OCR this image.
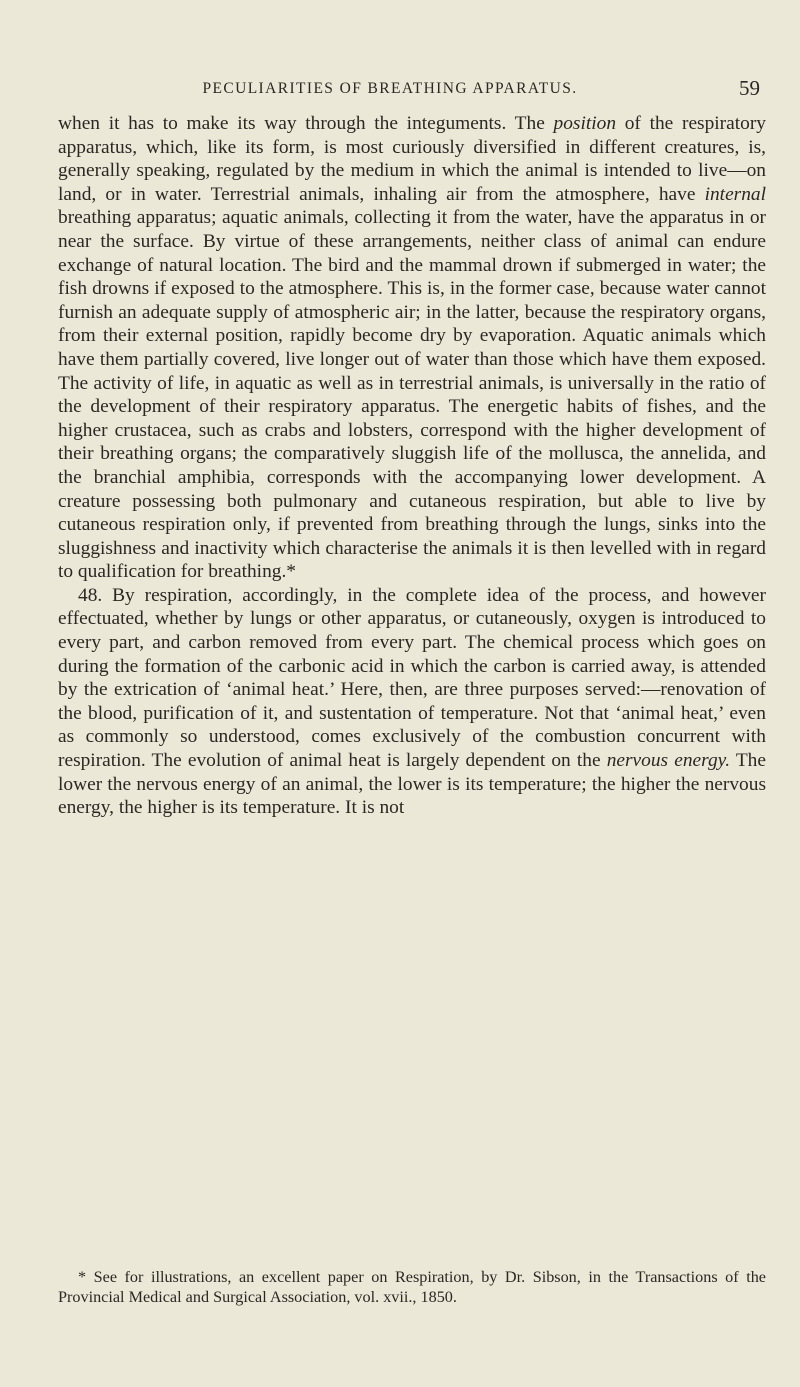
PECULIARITIES OF BREATHING APPARATUS.	59

when it has to make its way through the integuments. The position of the respiratory apparatus, which, like its form, is most curiously diversified in different creatures, is, generally speaking, regulated by the medium in which the animal is intended to live—on land, or in water. Terrestrial animals, inhaling air from the atmosphere, have internal breathing apparatus; aquatic animals, collecting it from the water, have the apparatus in or near the surface. By virtue of these arrangements, neither class of animal can endure exchange of natural location. The bird and the mammal drown if submerged in water; the fish drowns if exposed to the atmosphere. This is, in the former case, because water cannot furnish an adequate supply of atmospheric air; in the latter, because the respiratory organs, from their external position, rapidly become dry by evaporation. Aquatic animals which have them partially covered, live longer out of water than those which have them exposed. The activity of life, in aquatic as well as in terrestrial animals, is universally in the ratio of the development of their respiratory apparatus. The energetic habits of fishes, and the higher crustacea, such as crabs and lobsters, correspond with the higher development of their breathing organs; the comparatively sluggish life of the mollusca, the annelida, and the branchial amphibia, corresponds with the accompanying lower development. A creature possessing both pulmonary and cutaneous respiration, but able to live by cutaneous respiration only, if prevented from breathing through the lungs, sinks into the sluggishness and inactivity which characterise the animals it is then levelled with in regard to qualification for breathing.*

48. By respiration, accordingly, in the complete idea of the process, and however effectuated, whether by lungs or other apparatus, or cutaneously, oxygen is introduced to every part, and carbon removed from every part. The chemical process which goes on during the formation of the carbonic acid in which the carbon is carried away, is attended by the extrication of ‘animal heat.’ Here, then, are three purposes served:—renovation of the blood, purification of it, and sustentation of temperature. Not that ‘animal heat,’ even as commonly so understood, comes exclusively of the combustion concurrent with respiration. The evolution of animal heat is largely dependent on the nervous energy. The lower the nervous energy of an animal, the lower is its temperature; the higher the nervous energy, the higher is its temperature. It is not

* See for illustrations, an excellent paper on Respiration, by Dr. Sibson, in the Transactions of the Provincial Medical and Surgical Association, vol. xvii., 1850.
